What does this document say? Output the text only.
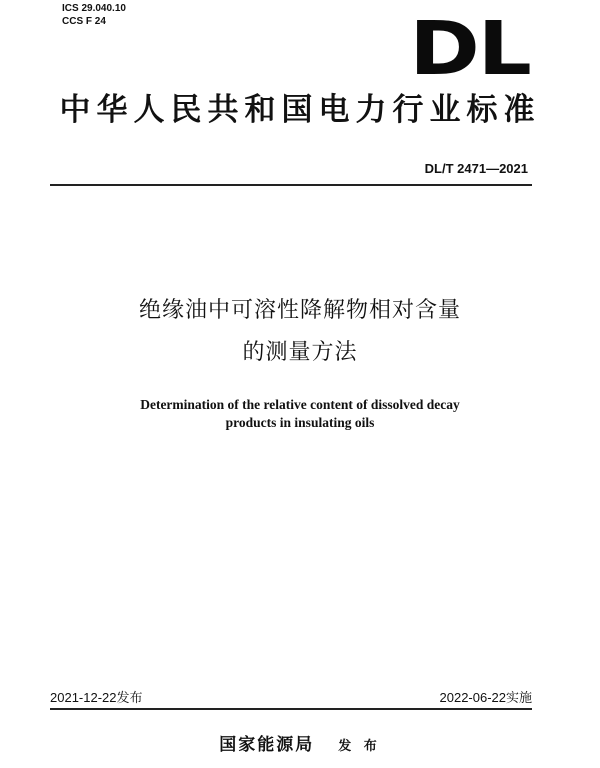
ICS 29.040.10
CCS F 24	DL
中华人民共和国电力行业标准
DL/T 2471—2021
绝缘油中可溶性降解物相对含量
的测量方法
Determination of the relative content of dissolved decay
products in insulating oils
2021-12-22发布	2022-06-22实施
国家能源局 发 布
